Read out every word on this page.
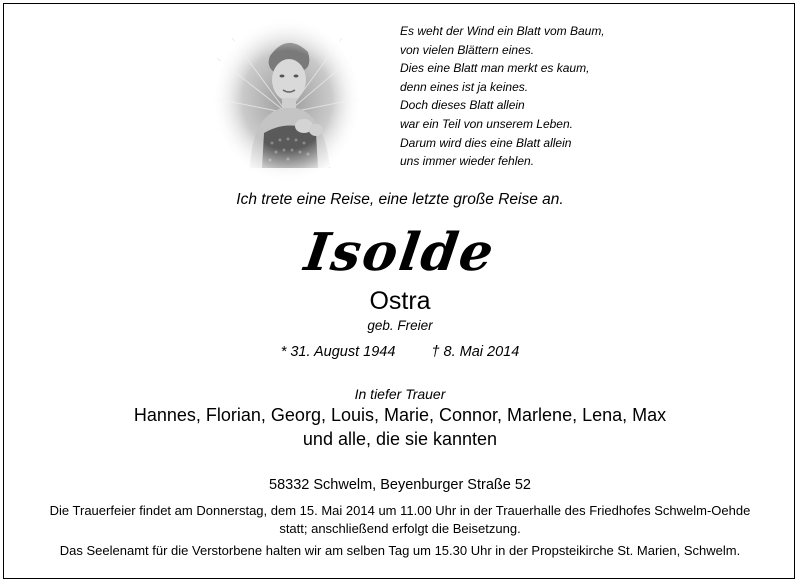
Es weht der Wind ein Blatt vom Baum,
von vielen Blättern eines.
Dies eine Blatt man merkt es kaum,
denn eines ist ja keines.
Doch dieses Blatt allein
war ein Teil von unserem Leben.
Darum wird dies eine Blatt allein
uns immer wieder fehlen.
Ich trete eine Reise, eine letzte große Reise an.
Isolde
Ostra
geb. Freier
* 31. August 1944 † 8. Mai 2014
In tiefer Trauer
Hannes, Florian, Georg, Louis, Marie, Connor, Marlene, Lena, Max
und alle, die sie kannten
58332 Schwelm, Beyenburger Straße 52
Die Trauerfeier findet am Donnerstag, dem 15. Mai 2014 um 11.00 Uhr in der Trauerhalle des Friedhofes Schwelm-Oehde
statt; anschließend erfolgt die Beisetzung.
Das Seelenamt für die Verstorbene halten wir am selben Tag um 15.30 Uhr in der Propsteikirche St. Marien, Schwelm.
